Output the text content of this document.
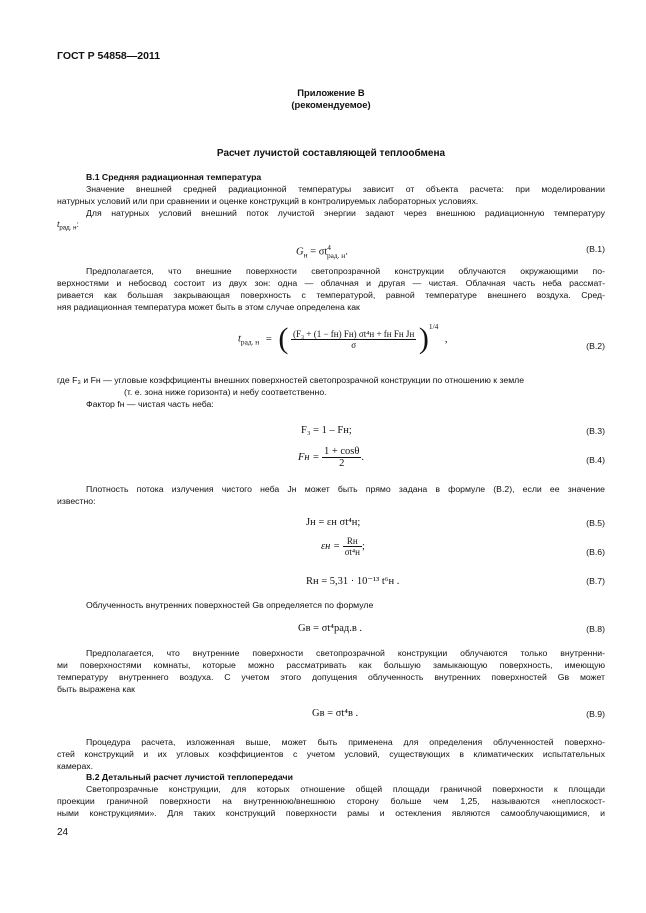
ГОСТ Р 54858—2011
Приложение В
(рекомендуемое)
Расчет лучистой составляющей теплообмена
В.1 Средняя радиационная температура
Значение внешней средней радиационной температуры зависит от объекта расчета: при моделировании
натурных условий или при сравнении и оценке конструкций в контролируемых лабораторных условиях.
Для натурных условий внешний поток лучистой энергии задают через внешнюю радиационную температуру
$t_{рад. н}$:
$G_н = \sigma t^4_{рад. н}$.	(В.1)
Предполагается, что внешние поверхности светопрозрачной конструкции облучаются окружающими по-
верхностями и небосвод состоит из двух зон: одна — облачная и другая — чистая. Облачная часть неба рассмат-
ривается как большая закрывающая поверхность с температурой, равной температуре внешнего воздуха. Сред-
няя радиационная температура может быть в этом случае определена как
$t_{рад. н}$ = ( $\frac{\text{(F₃ + (1 − fн) Fн) σt⁴н + fн Fн Jн}}{\sigma} )^{1/4}$ ,
(В.2)
где F₃ и Fн — угловые коэффициенты внешних поверхностей светопрозрачной конструкции по отношению к земле
(т. е. зона ниже горизонта) и небу соответственно.
Фактор fн — чистая часть неба:
F₃ = 1 – Fн;	(В.3)
Fн = $\frac{1 + \cos\theta}{2}$ .	(В.4)
Плотность потока излучения чистого неба Jн может быть прямо задана в формуле (В.2), если ее значение
известно:
Jн = εн σt⁴н;	(В.5)
$\varepsilon н = \frac{Rн}{\text{σt⁴н}}$ ;	(В.6)
Rн = 5,31 · 10⁻¹³ t⁶н .	(В.7)
Облученность внутренних поверхностей Gв определяется по формуле
Gв = σt⁴рад.в .	(В.8)
Предполагается, что внутренние поверхности светопрозрачной конструкции облучаются только внутренни-
ми поверхностями комнаты, которые можно рассматривать как большую замыкающую поверхность, имеющую
температуру внутреннего воздуха. С учетом этого допущения облученность внутренних поверхностей Gв может
быть выражена как
Gв = σt⁴в .	(В.9)
Процедура расчета, изложенная выше, может быть применена для определения облученностей поверхно-
стей конструкций и их угловых коэффициентов с учетом условий, существующих в климатических испытательных
камерах.
В.2 Детальный расчет лучистой теплопередачи
Светопрозрачные конструкции, для которых отношение общей площади граничной поверхности к площади
проекции граничной поверхности на внутреннюю/внешнюю сторону больше чем 1,25, называются «неплоскост-
ными конструкциями». Для таких конструкций поверхности рамы и остекления являются самооблучающимися, и
24
